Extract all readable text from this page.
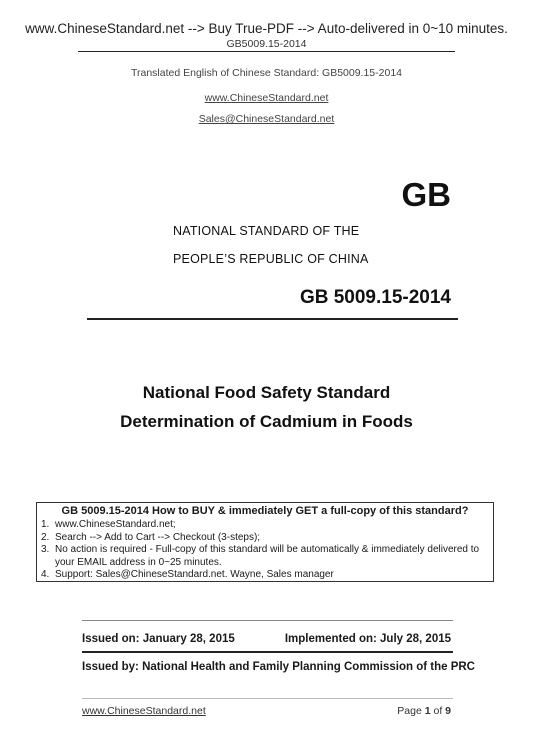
www.ChineseStandard.net --> Buy True-PDF --> Auto-delivered in 0~10 minutes.
GB5009.15-2014
Translated English of Chinese Standard: GB5009.15-2014
www.ChineseStandard.net
Sales@ChineseStandard.net
GB
NATIONAL STANDARD OF THE
PEOPLE’S REPUBLIC OF CHINA
GB 5009.15-2014
National Food Safety Standard
Determination of Cadmium in Foods
GB 5009.15-2014 How to BUY & immediately GET a full-copy of this standard?
1. www.ChineseStandard.net;
2. Search --> Add to Cart --> Checkout (3-steps);
3. No action is required - Full-copy of this standard will be automatically & immediately delivered to your EMAIL address in 0~25 minutes.
4. Support: Sales@ChineseStandard.net. Wayne, Sales manager
Issued on: January 28, 2015	Implemented on: July 28, 2015
Issued by: National Health and Family Planning Commission of the PRC
www.ChineseStandard.net	Page 1 of 9
